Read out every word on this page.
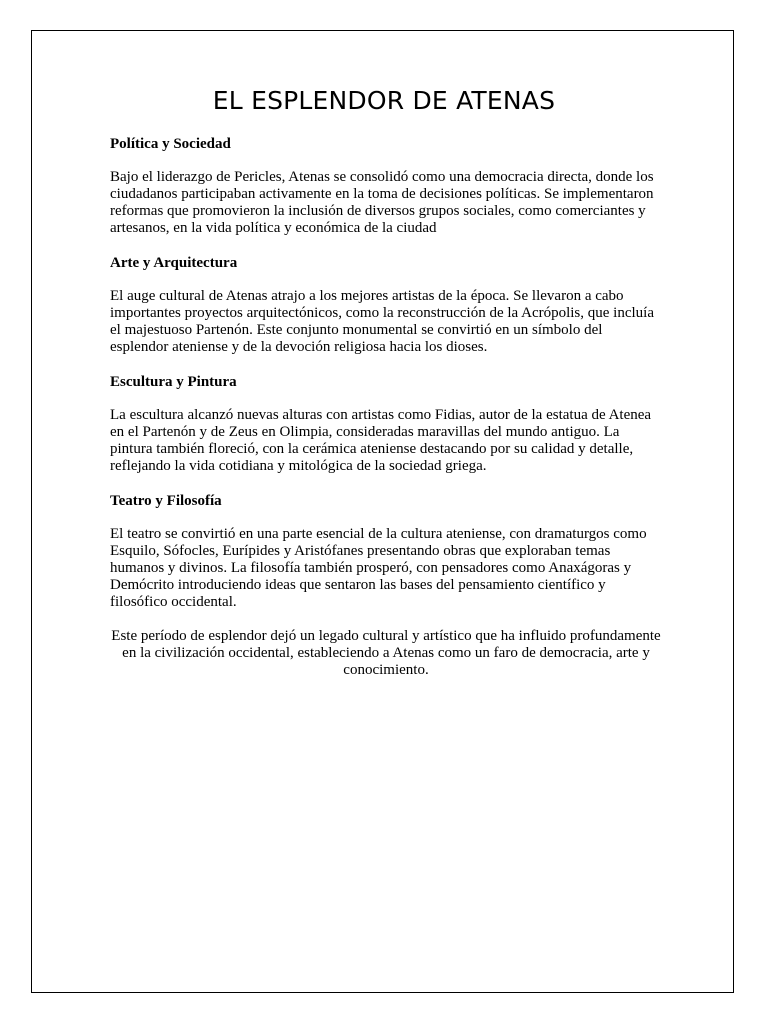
EL ESPLENDOR DE ATENAS

Política y Sociedad

Bajo el liderazgo de Pericles, Atenas se consolidó como una democracia directa, donde los ciudadanos participaban activamente en la toma de decisiones políticas. Se implementaron reformas que promovieron la inclusión de diversos grupos sociales, como comerciantes y artesanos, en la vida política y económica de la ciudad

Arte y Arquitectura

El auge cultural de Atenas atrajo a los mejores artistas de la época. Se llevaron a cabo importantes proyectos arquitectónicos, como la reconstrucción de la Acrópolis, que incluía el majestuoso Partenón. Este conjunto monumental se convirtió en un símbolo del esplendor ateniense y de la devoción religiosa hacia los dioses.

Escultura y Pintura

La escultura alcanzó nuevas alturas con artistas como Fidias, autor de la estatua de Atenea en el Partenón y de Zeus en Olimpia, consideradas maravillas del mundo antiguo. La pintura también floreció, con la cerámica ateniense destacando por su calidad y detalle, reflejando la vida cotidiana y mitológica de la sociedad griega.

Teatro y Filosofía

El teatro se convirtió en una parte esencial de la cultura ateniense, con dramaturgos como Esquilo, Sófocles, Eurípides y Aristófanes presentando obras que exploraban temas humanos y divinos. La filosofía también prosperó, con pensadores como Anaxágoras y Demócrito introduciendo ideas que sentaron las bases del pensamiento científico y filosófico occidental.

Este período de esplendor dejó un legado cultural y artístico que ha influido profundamente en la civilización occidental, estableciendo a Atenas como un faro de democracia, arte y conocimiento.
